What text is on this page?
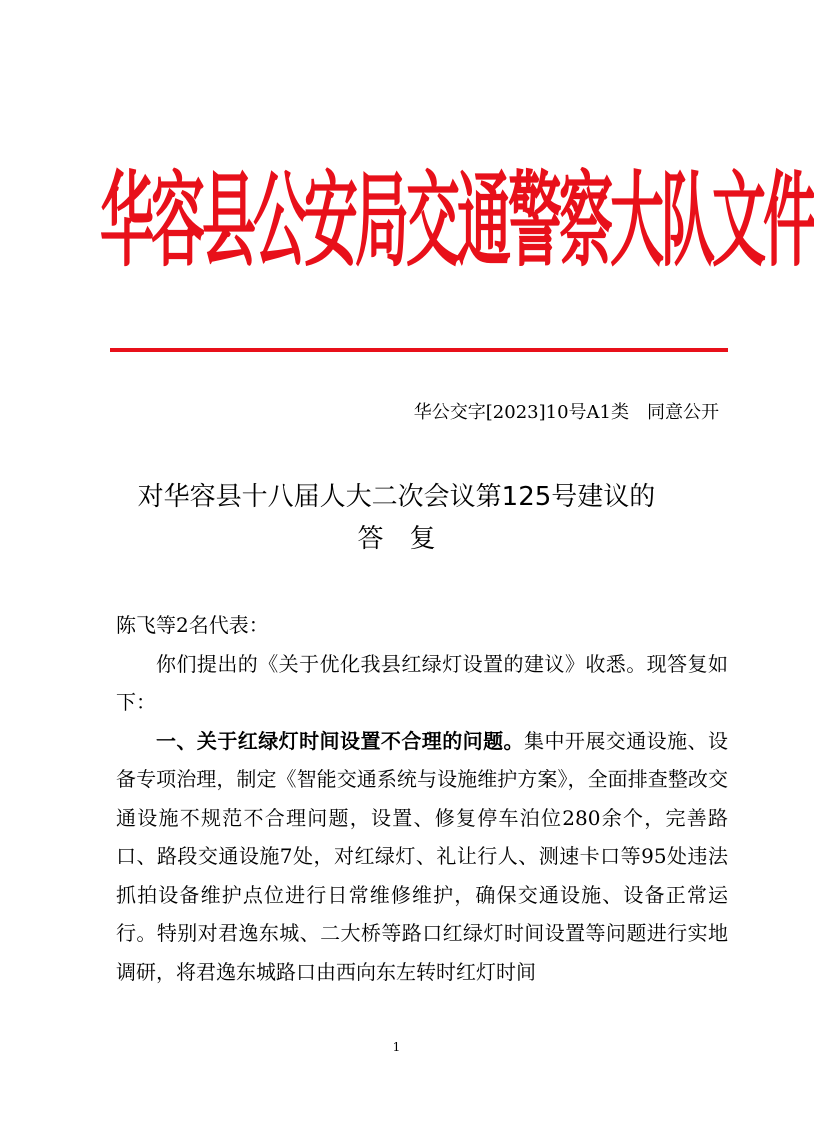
华容县公安局交通警察大队文件
华公交字[2023]10号A1类　同意公开
对华容县十八届人大二次会议第125号建议的
答复

陈飞等2名代表：

你们提出的《关于优化我县红绿灯设置的建议》收悉。现答复如下：

一、关于红绿灯时间设置不合理的问题。集中开展交通设施、设备专项治理，制定《智能交通系统与设施维护方案》，全面排查整改交通设施不规范不合理问题，设置、修复停车泊位280余个，完善路口、路段交通设施7处，对红绿灯、礼让行人、测速卡口等95处违法抓拍设备维护点位进行日常维修维护，确保交通设施、设备正常运行。特别对君逸东城、二大桥等路口红绿灯时间设置等问题进行实地调研，将君逸东城路口由西向东左转时红灯时间

1
